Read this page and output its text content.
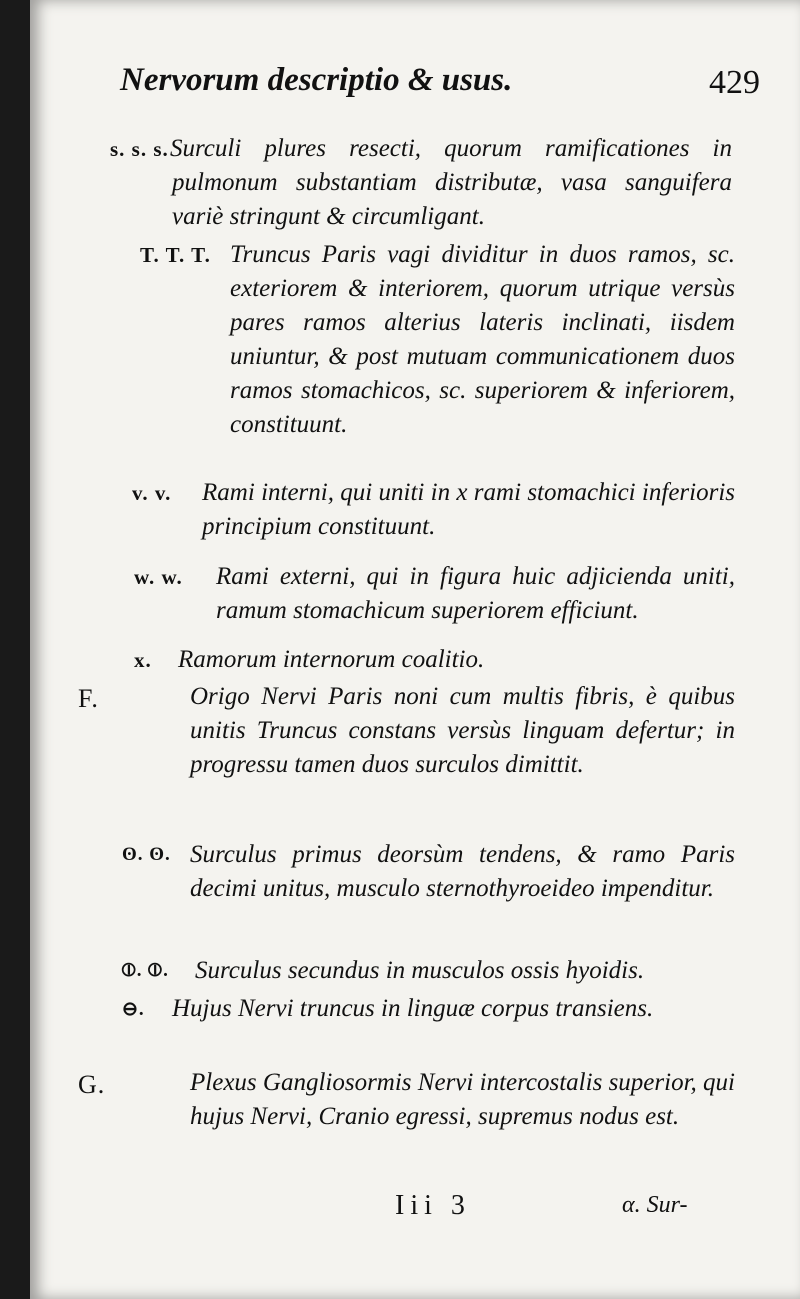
Nervorum descriptio & usus.	429
s. s. s. Surculi plures resecti, quorum ramificationes in pulmonum substantiam distributæ, vasa sanguifera variè stringunt & circumligant.
T. T. T. Truncus Paris vagi dividitur in duos ramos, sc. exteriorem & interiorem, quorum utrique versùs pares ramos alterius lateris inclinati, iisdem uniuntur, & post mutuam communicationem duos ramos stomachicos, sc. superiorem & inferiorem, constituunt.
v. v. Rami interni, qui uniti in x rami stomachici inferioris principium constituunt.
w. w. Rami externi, qui in figura huic adjicienda uniti, ramum stomachicum superiorem efficiunt.
x. Ramorum internorum coalitio.
F.	Origo Nervi Paris noni cum multis fibris, è quibus unitis Truncus constans versùs linguam defertur; in progressu tamen duos surculos dimittit.
ʘ. ʘ. Surculus primus deorsùm tendens, & ramo Paris decimi unitus, musculo sternothyroeideo impenditur.
⦶. ⦶. Surculus secundus in musculos ossis hyoidis.
⊖. Hujus Nervi truncus in linguæ corpus transiens.
G.	Plexus Gangliosormis Nervi intercostalis superior, qui hujus Nervi, Cranio egressi, supremus nodus est.
Iii 3	α. Sur-
